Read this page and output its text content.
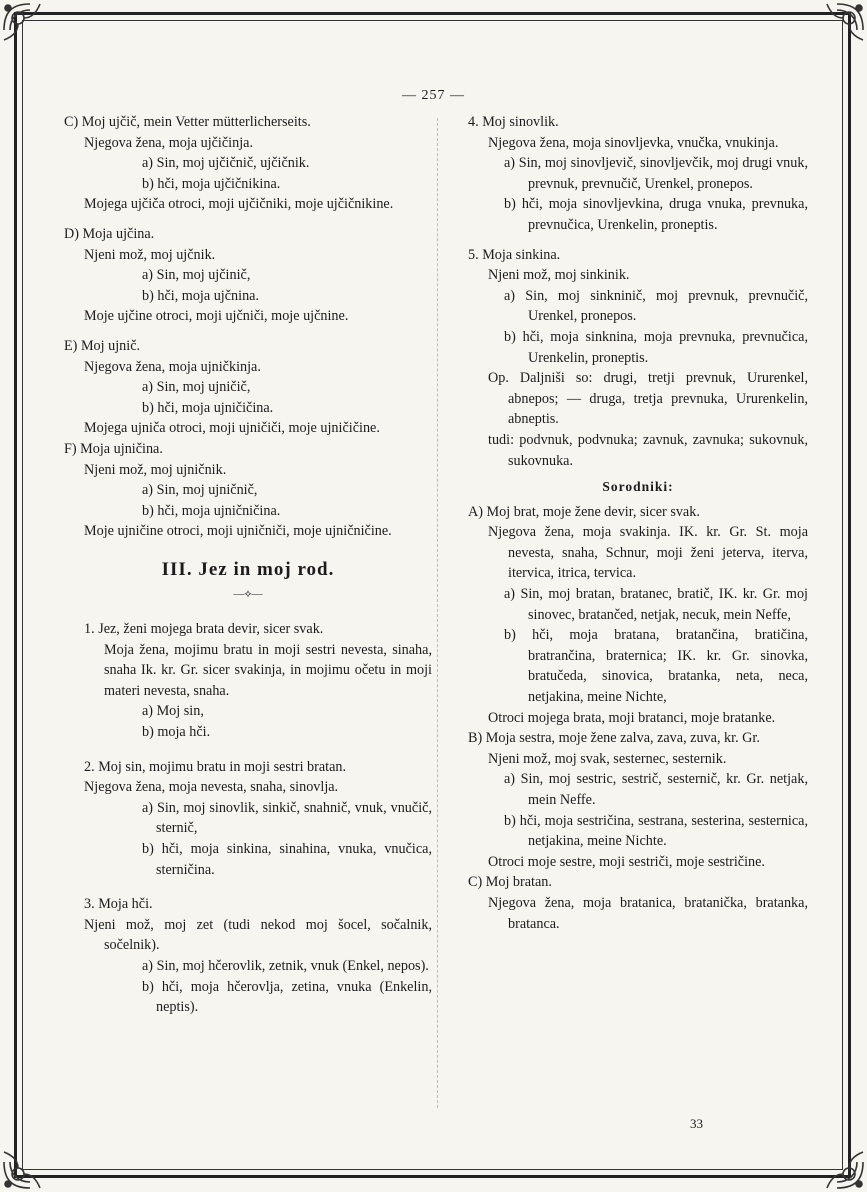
— 257 —

C) Moj ujčič, mein Vetter mütterlicherseits.

Njegova žena, moja ujčičinja.

a) Sin, moj ujčičnič, ujčičnik.

b) hči, moja ujčičnikina.

Mojega ujčiča otroci, moji ujčičniki, moje ujčičnikine.

D) Moja ujčina.

Njeni mož, moj ujčnik.

a) Sin, moj ujčinič,

b) hči, moja ujčnina.

Moje ujčine otroci, moji ujčniči, moje ujčnine.

E) Moj ujnič.

Njegova žena, moja ujničkinja.

a) Sin, moj ujničič,

b) hči, moja ujničičina.

Mojega ujniča otroci, moji ujničiči, moje ujničičine.

F) Moja ujničina.

Njeni mož, moj ujničnik.

a) Sin, moj ujničnič,

b) hči, moja ujničničina.

Moje ujničine otroci, moji ujničniči, moje ujničničine.

III. Jez in moj rod.
—⟡—

1. Jez, ženi mojega brata devir, sicer svak.

Moja žena, mojimu bratu in moji sestri nevesta, sinaha, snaha Ik. kr. Gr. sicer svakinja, in mojimu očetu in moji materi nevesta, snaha.

a) Moj sin,

b) moja hči.

2. Moj sin, mojimu bratu in moji sestri bratan.

Njegova žena, moja nevesta, snaha, sinovlja.

a) Sin, moj sinovlik, sinkič, snahnič, vnuk, vnučič, sternič,

b) hči, moja sinkina, sinahina, vnuka, vnučica, sterničina.

3. Moja hči.

Njeni mož, moj zet (tudi nekod moj šocel, sočalnik, sočelnik).

a) Sin, moj hčerovlik, zetnik, vnuk (Enkel, nepos).

b) hči, moja hčerovlja, zetina, vnuka (Enkelin, neptis).

4. Moj sinovlik.

Njegova žena, moja sinovljevka, vnučka, vnukinja.

a) Sin, moj sinovljevič, sinovljevčik, moj drugi vnuk, prevnuk, prevnučič, Urenkel, pronepos.

b) hči, moja sinovljevkina, druga vnuka, prevnuka, prevnučica, Urenkelin, proneptis.

5. Moja sinkina.

Njeni mož, moj sinkinik.

a) Sin, moj sinkninič, moj prevnuk, prevnučič, Urenkel, pronepos.

b) hči, moja sinknina, moja prevnuka, prevnučica, Urenkelin, proneptis.

Op. Daljniši so: drugi, tretji prevnuk, Ururenkel, abnepos; — druga, tretja prevnuka, Ururenkelin, abneptis.

tudi: podvnuk, podvnuka; zavnuk, zavnuka; sukovnuk, sukovnuka.

Sorodniki:

A) Moj brat, moje žene devir, sicer svak.

Njegova žena, moja svakinja. IK. kr. Gr. St. moja nevesta, snaha, Schnur, moji ženi jeterva, iterva, itervica, itrica, tervica.

a) Sin, moj bratan, bratanec, bratič, IK. kr. Gr. moj sinovec, bratančed, netjak, necuk, mein Neffe,

b) hči, moja bratana, bratančina, bratičina, bratrančina, braternica; IK. kr. Gr. sinovka, bratučeda, sinovica, bratanka, neta, neca, netjakina, meine Nichte,

Otroci mojega brata, moji bratanci, moje bratanke.

B) Moja sestra, moje žene zalva, zava, zuva, kr. Gr.

Njeni mož, moj svak, sesternec, sesternik.

a) Sin, moj sestric, sestrič, sesternič, kr. Gr. netjak, mein Neffe.

b) hči, moja sestričina, sestrana, sesterina, sesternica, netjakina, meine Nichte.

Otroci moje sestre, moji sestriči, moje sestričine.

C) Moj bratan.

Njegova žena, moja bratanica, bratanička, bratanka, bratanca.

33
